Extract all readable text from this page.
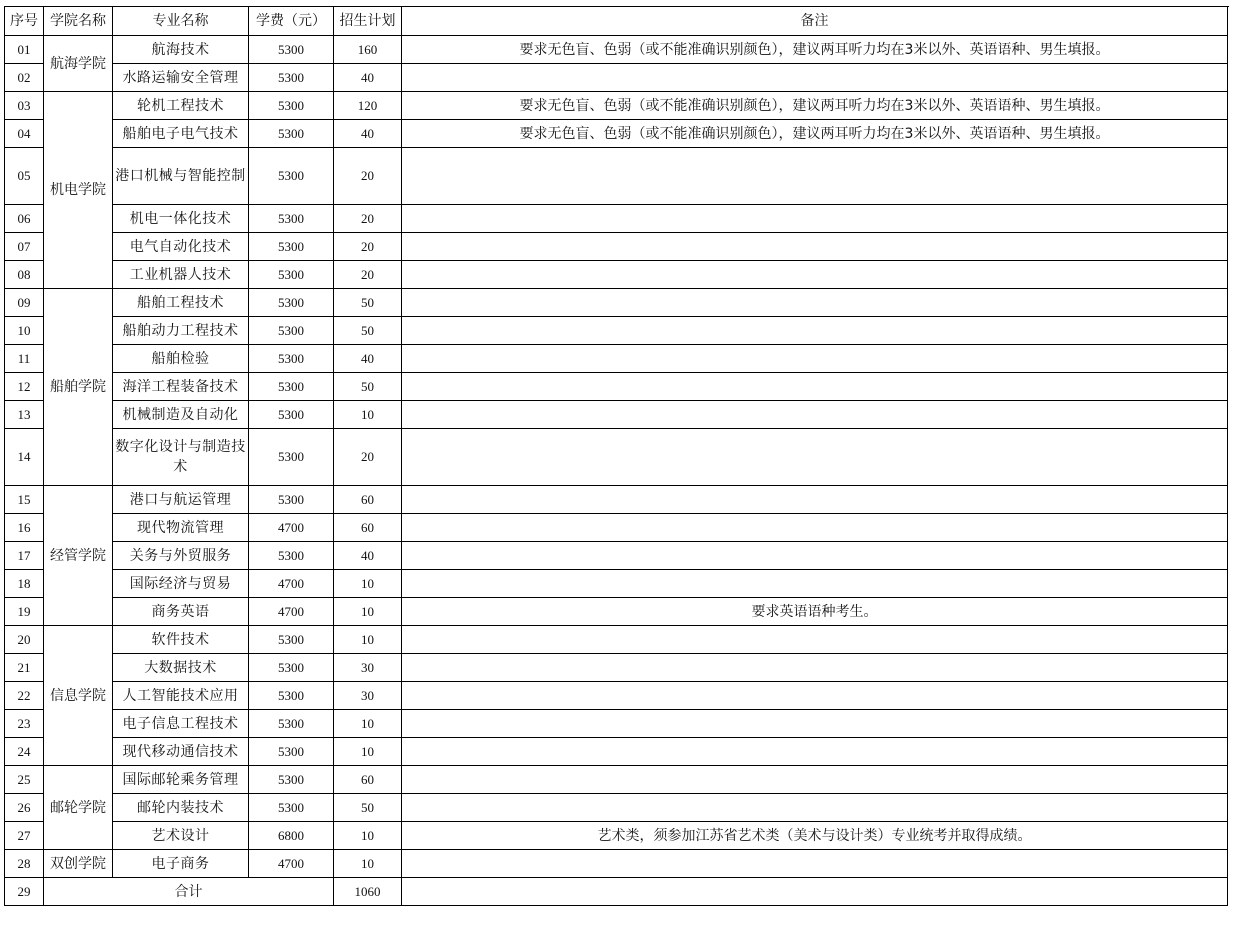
序号	学院名称	专业名称	学费（元）	招生计划	备注
01	航海学院	航海技术	5300	160	要求无色盲、色弱（或不能准确识别颜色），建议两耳听力均在3米以外、英语语种、男生填报。
02		水路运输安全管理	5300	40	
03	机电学院	轮机工程技术	5300	120	要求无色盲、色弱（或不能准确识别颜色），建议两耳听力均在3米以外、英语语种、男生填报。
04		船舶电子电气技术	5300	40	要求无色盲、色弱（或不能准确识别颜色），建议两耳听力均在3米以外、英语语种、男生填报。
05		港口机械与智能控制	5300	20	
06		机电一体化技术	5300	20	
07		电气自动化技术	5300	20	
08		工业机器人技术	5300	20	
09	船舶学院	船舶工程技术	5300	50	
10		船舶动力工程技术	5300	50	
11		船舶检验	5300	40	
12		海洋工程装备技术	5300	50	
13		机械制造及自动化	5300	10	
14		数字化设计与制造技术	5300	20	
15	经管学院	港口与航运管理	5300	60	
16		现代物流管理	4700	60	
17		关务与外贸服务	5300	40	
18		国际经济与贸易	4700	10	
19		商务英语	4700	10	要求英语语种考生。
20	信息学院	软件技术	5300	10	
21		大数据技术	5300	30	
22		人工智能技术应用	5300	30	
23		电子信息工程技术	5300	10	
24		现代移动通信技术	5300	10	
25	邮轮学院	国际邮轮乘务管理	5300	60	
26		邮轮内装技术	5300	50	
27		艺术设计	6800	10	艺术类，须参加江苏省艺术类（美术与设计类）专业统考并取得成绩。
28	双创学院	电子商务	4700	10	
29	合计			1060	
